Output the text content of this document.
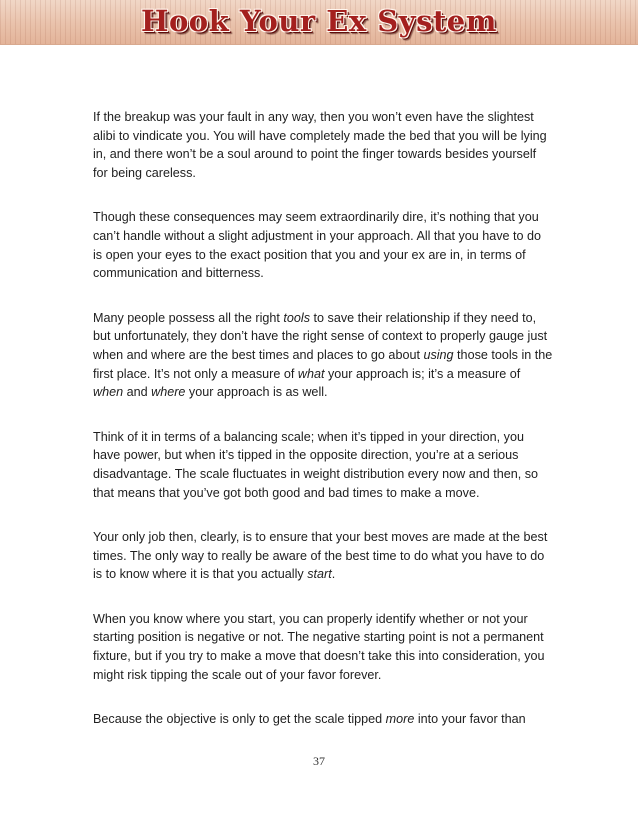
Hook Your Ex System

If the breakup was your fault in any way, then you won’t even have the slightest alibi to vindicate you. You will have completely made the bed that you will be lying in, and there won’t be a soul around to point the finger towards besides yourself for being careless.

Though these consequences may seem extraordinarily dire, it’s nothing that you can’t handle without a slight adjustment in your approach. All that you have to do is open your eyes to the exact position that you and your ex are in, in terms of communication and bitterness.

Many people possess all the right tools to save their relationship if they need to, but unfortunately, they don’t have the right sense of context to properly gauge just when and where are the best times and places to go about using those tools in the first place. It’s not only a measure of what your approach is; it’s a measure of when and where your approach is as well.

Think of it in terms of a balancing scale; when it’s tipped in your direction, you have power, but when it’s tipped in the opposite direction, you’re at a serious disadvantage. The scale fluctuates in weight distribution every now and then, so that means that you’ve got both good and bad times to make a move.

Your only job then, clearly, is to ensure that your best moves are made at the best times. The only way to really be aware of the best time to do what you have to do is to know where it is that you actually start.

When you know where you start, you can properly identify whether or not your starting position is negative or not. The negative starting point is not a permanent fixture, but if you try to make a move that doesn’t take this into consideration, you might risk tipping the scale out of your favor forever.

Because the objective is only to get the scale tipped more into your favor than

37
